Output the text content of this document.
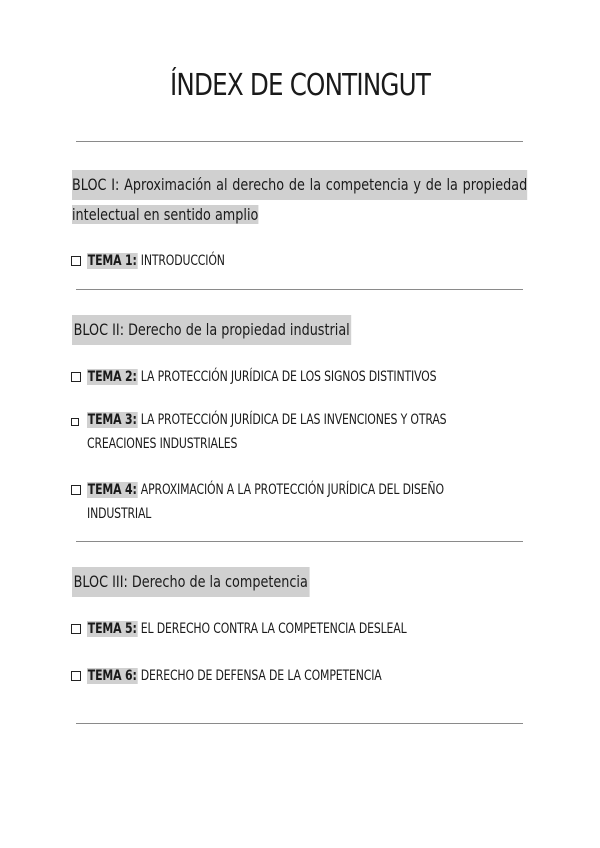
ÍNDEX DE CONTINGUT
BLOC I: Aproximación al derecho de la competencia y de la propiedad
intelectual en sentido amplio
TEMA 1: INTRODUCCIÓN
BLOC II: Derecho de la propiedad industrial
TEMA 2: LA PROTECCIÓN JURÍDICA DE LOS SIGNOS DISTINTIVOS
TEMA 3: LA PROTECCIÓN JURÍDICA DE LAS INVENCIONES Y OTRAS
CREACIONES INDUSTRIALES
TEMA 4: APROXIMACIÓN A LA PROTECCIÓN JURÍDICA DEL DISEÑO
INDUSTRIAL
BLOC III: Derecho de la competencia
TEMA 5: EL DERECHO CONTRA LA COMPETENCIA DESLEAL
TEMA 6: DERECHO DE DEFENSA DE LA COMPETENCIA
